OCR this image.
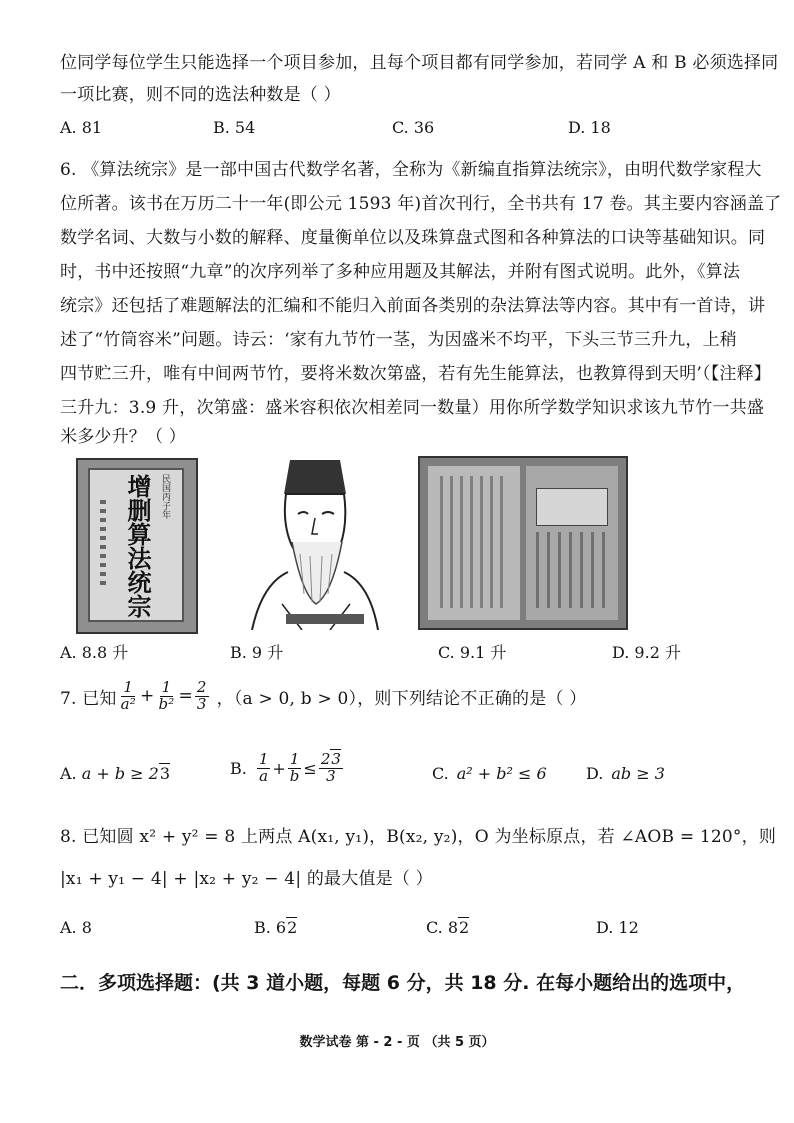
位同学每位学生只能选择一个项目参加，且每个项目都有同学参加，若同学 A 和 B 必须选择同
一项比赛，则不同的选法种数是（ ）
A. 81	B. 54	C. 36	D. 18
6. 《算法统宗》是一部中国古代数学名著，全称为《新编直指算法统宗》，由明代数学家程大
位所著。该书在万历二十一年(即公元 1593 年)首次刊行，全书共有 17 卷。其主要内容涵盖了
数学名词、大数与小数的解释、度量衡单位以及珠算盘式图和各种算法的口诀等基础知识。同
时，书中还按照“九章”的次序列举了多种应用题及其解法，并附有图式说明。此外，《算法
统宗》还包括了难题解法的汇编和不能归入前面各类别的杂法算法等内容。其中有一首诗，讲
述了“竹筒容米”问题。诗云：‘家有九节竹一茎，为因盛米不均平，下头三节三升九，上稍
四节贮三升，唯有中间两节竹，要将米数次第盛，若有先生能算法，也教算得到天明’（【注释】
三升九：3.9 升，次第盛：盛米容积依次相差同一数量）用你所学数学知识求该九节竹一共盛
米多少升？（ ）
民国丙子年
增删算法统宗
A. 8.8 升	B. 9 升	C. 9.1 升	D. 9.2 升
7. 已知 $\frac{1}{\text{a²}} + \frac{1}{\text{b²}} = \frac{2}{3}$ ，（a > 0, b > 0），则下列结论不正确的是（ ）
A. a + b ≥ 23	B. $\frac{1}{a} + \frac{1}{b} \le \frac{23}{3}$	C. a² + b² ≤ 6 D. ab ≥ 3
8. 已知圆 x² + y² = 8 上两点 A(x₁, y₁)，B(x₂, y₂)，O 为坐标原点，若 ∠AOB = 120°，则
|x₁ + y₁ − 4| + |x₂ + y₂ − 4| 的最大值是（ ）
A. 8	B. 62	C. 82	D. 12
二．多项选择题：(共 3 道小题，每题 6 分，共 18 分. 在每小题给出的选项中，
数学试卷 第 - 2 - 页 （共 5 页）
